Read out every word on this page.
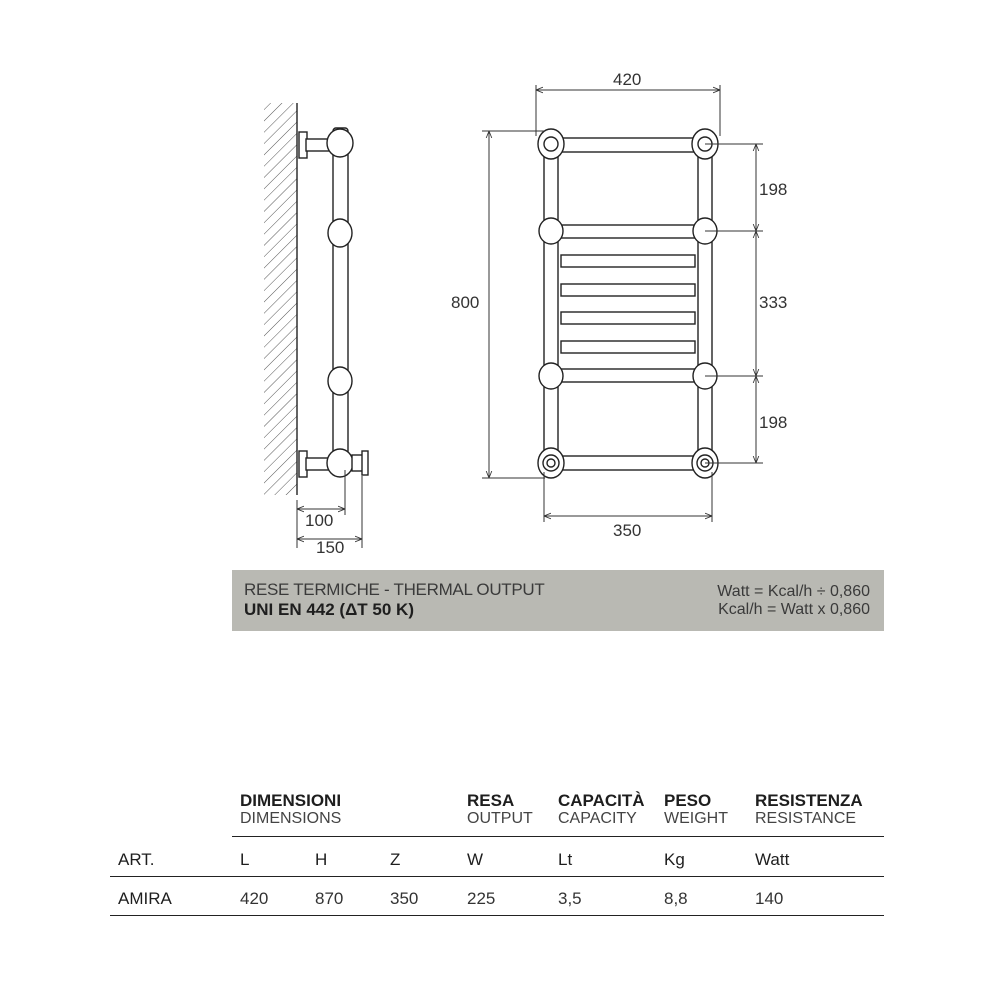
100
150
420
350
800
198
333
198
RESE TERMICHE - THERMAL OUTPUT
UNI EN 442 (ΔT 50 K)
Watt = Kcal/h ÷ 0,860
Kcal/h = Watt x 0,860
DIMENSIONI
DIMENSIONS
RESA
OUTPUT
CAPACITÀ
CAPACITY
PESO
WEIGHT
RESISTENZA
RESISTANCE
ART.	L	H	Z	W	Lt	Kg	Watt
AMIRA	420	870	350	225	3,5	8,8	140
